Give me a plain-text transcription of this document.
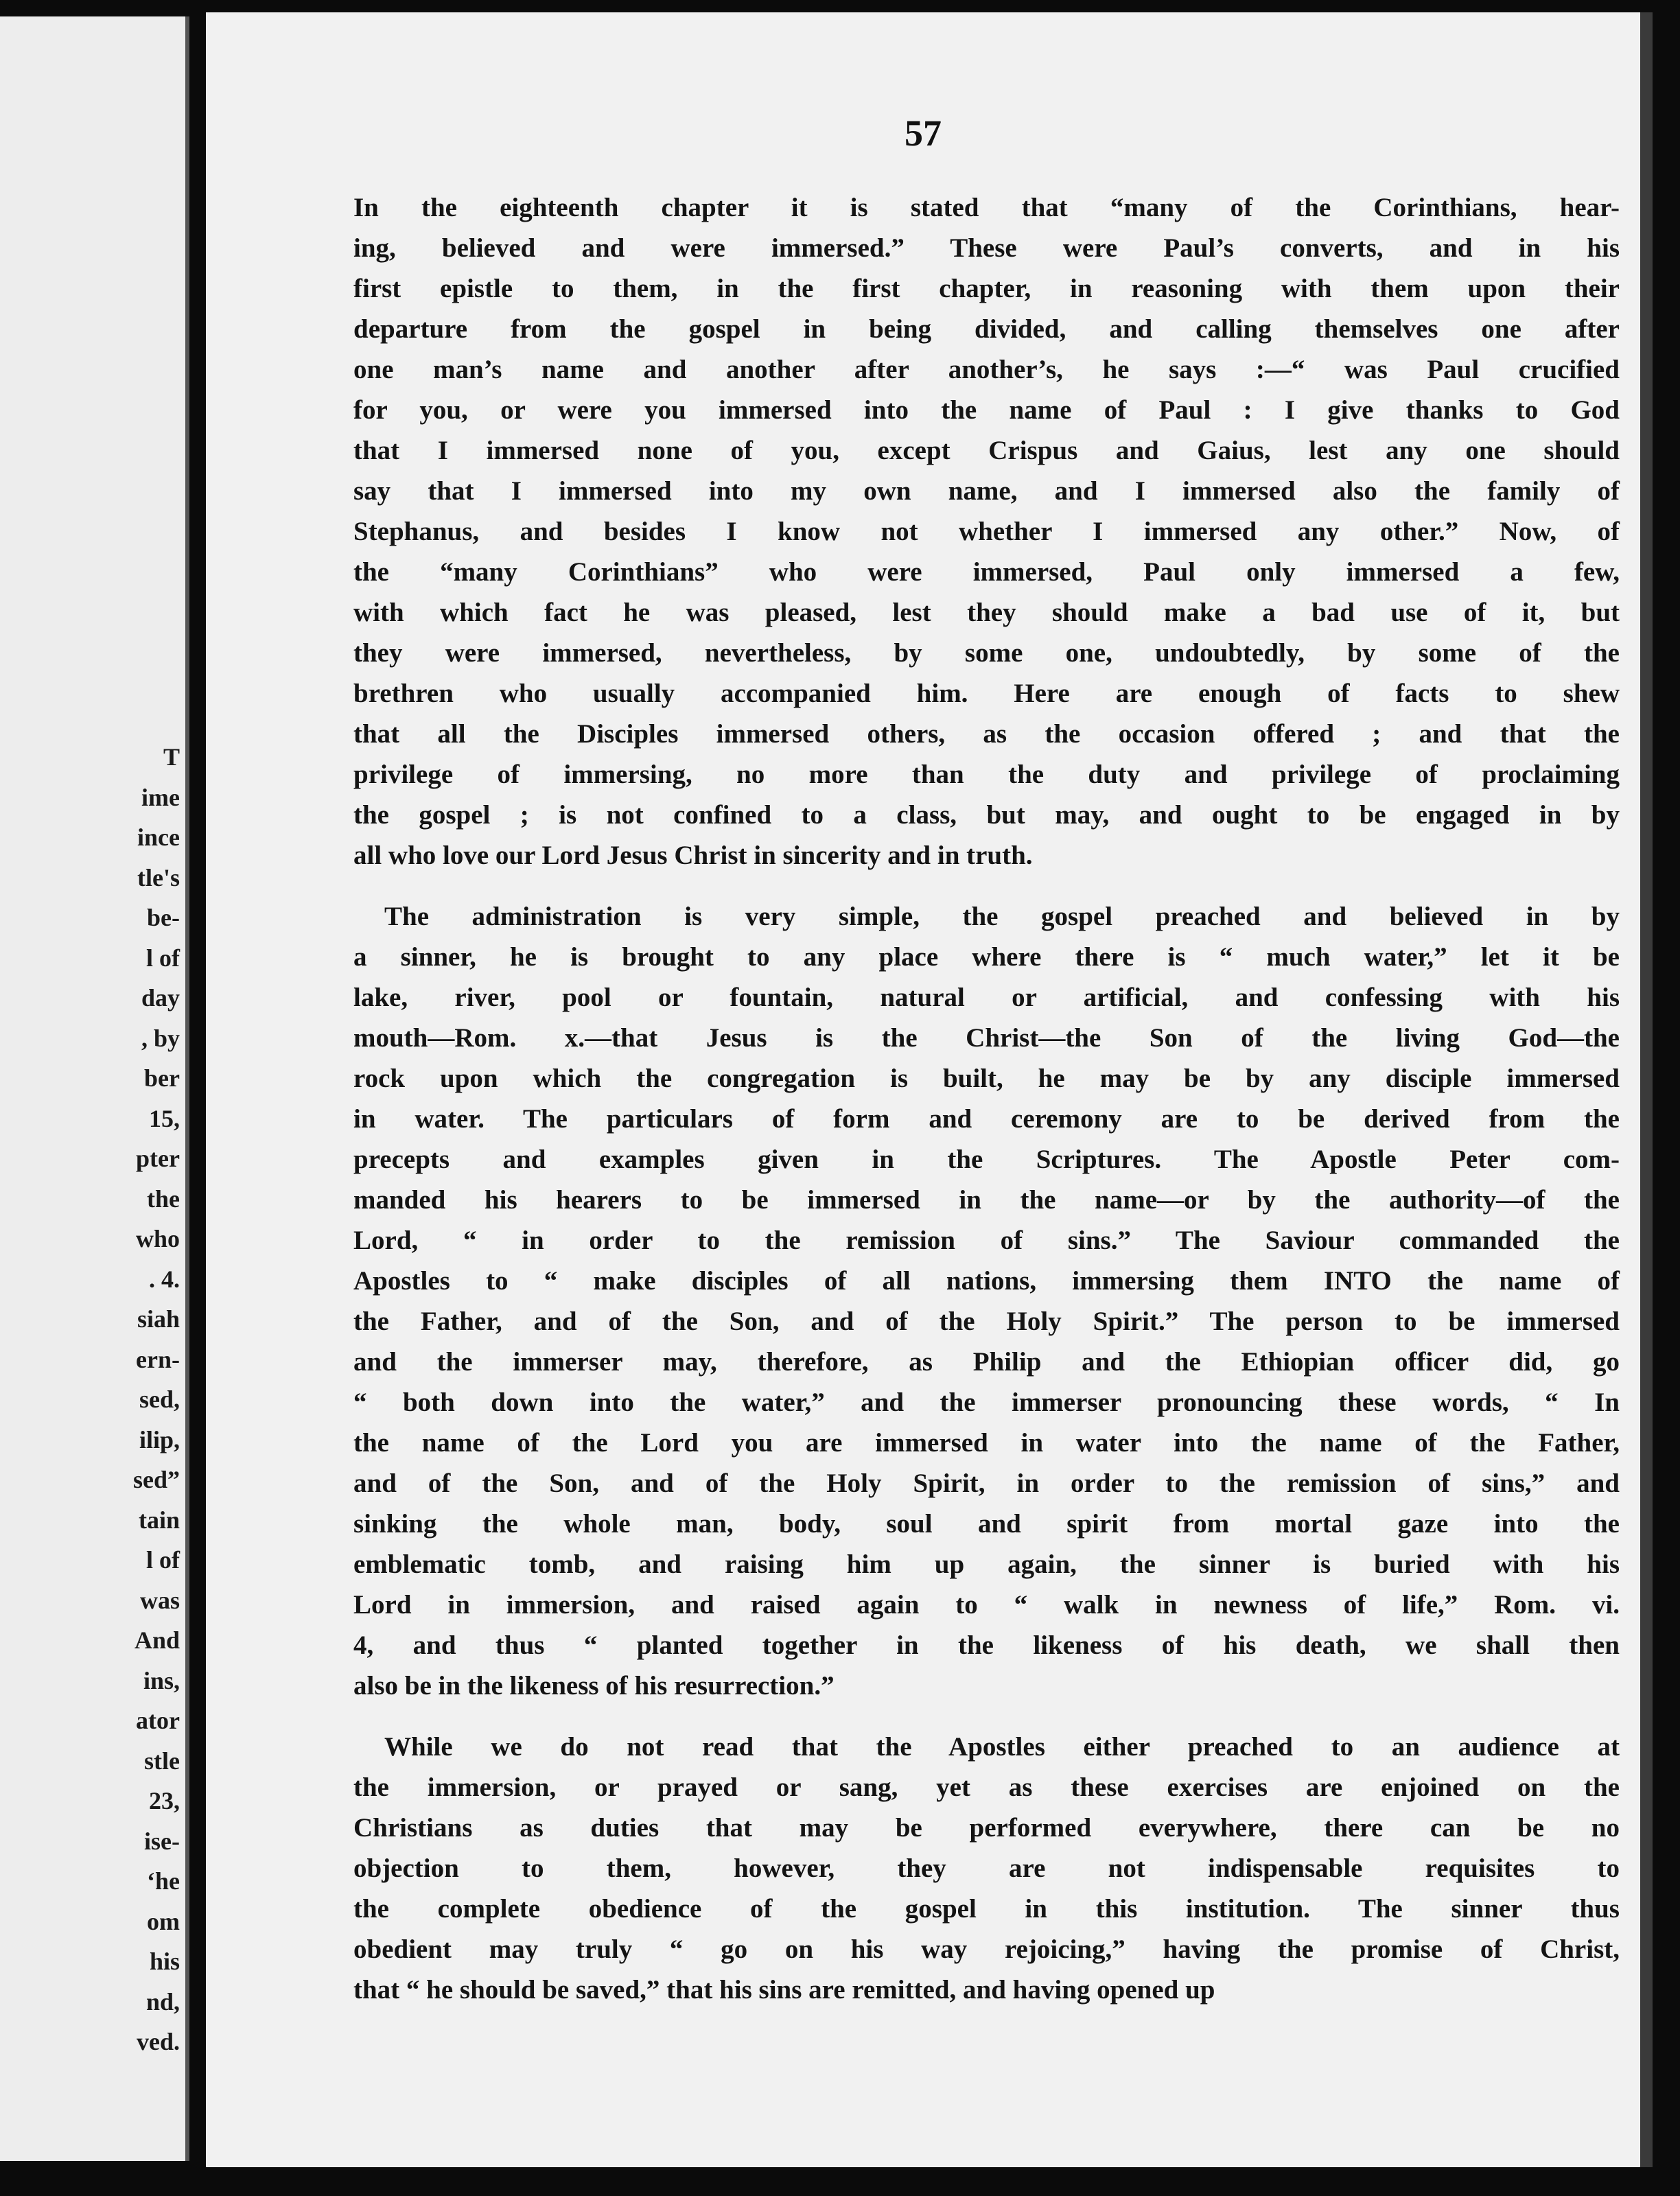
T
ime
ince
tle's
be-
l of
day
, by
ber
15,
pter
the
who
. 4.
siah
ern-
sed,
ilip,
sed”
tain
l of
was
And
ins,
ator
stle
23,
ise-
‘he
om
his
nd,
ved.
57
In the eighteenth chapter it is stated that “many of the Corinthians, hear-
ing, believed and were immersed.” These were Paul’s converts, and in his
first epistle to them, in the first chapter, in reasoning with them upon their
departure from the gospel in being divided, and calling themselves one after
one man’s name and another after another’s, he says :—“ was Paul crucified
for you, or were you immersed into the name of Paul : I give thanks to God
that I immersed none of you, except Crispus and Gaius, lest any one should
say that I immersed into my own name, and I immersed also the family of
Stephanus, and besides I know not whether I immersed any other.” Now, of
the “many Corinthians” who were immersed, Paul only immersed a few,
with which fact he was pleased, lest they should make a bad use of it, but
they were immersed, nevertheless, by some one, undoubtedly, by some of the
brethren who usually accompanied him. Here are enough of facts to shew
that all the Disciples immersed others, as the occasion offered ; and that the
privilege of immersing, no more than the duty and privilege of proclaiming
the gospel ; is not confined to a class, but may, and ought to be engaged in by
all who love our Lord Jesus Christ in sincerity and in truth.
The administration is very simple, the gospel preached and believed in by
a sinner, he is brought to any place where there is “ much water,” let it be
lake, river, pool or fountain, natural or artificial, and confessing with his
mouth—Rom. x.—that Jesus is the Christ—the Son of the living God—the
rock upon which the congregation is built, he may be by any disciple immersed
in water. The particulars of form and ceremony are to be derived from the
precepts and examples given in the Scriptures. The Apostle Peter com-
manded his hearers to be immersed in the name—or by the authority—of the
Lord, “ in order to the remission of sins.” The Saviour commanded the
Apostles to “ make disciples of all nations, immersing them INTO the name of
the Father, and of the Son, and of the Holy Spirit.” The person to be immersed
and the immerser may, therefore, as Philip and the Ethiopian officer did, go
“ both down into the water,” and the immerser pronouncing these words, “ In
the name of the Lord you are immersed in water into the name of the Father,
and of the Son, and of the Holy Spirit, in order to the remission of sins,” and
sinking the whole man, body, soul and spirit from mortal gaze into the
emblematic tomb, and raising him up again, the sinner is buried with his
Lord in immersion, and raised again to “ walk in newness of life,” Rom. vi.
4, and thus “ planted together in the likeness of his death, we shall then
also be in the likeness of his resurrection.”
While we do not read that the Apostles either preached to an audience at
the immersion, or prayed or sang, yet as these exercises are enjoined on the
Christians as duties that may be performed everywhere, there can be no
objection to them, however, they are not indispensable requisites to
the complete obedience of the gospel in this institution. The sinner thus
obedient may truly “ go on his way rejoicing,” having the promise of Christ,
that “ he should be saved,” that his sins are remitted, and having opened up
